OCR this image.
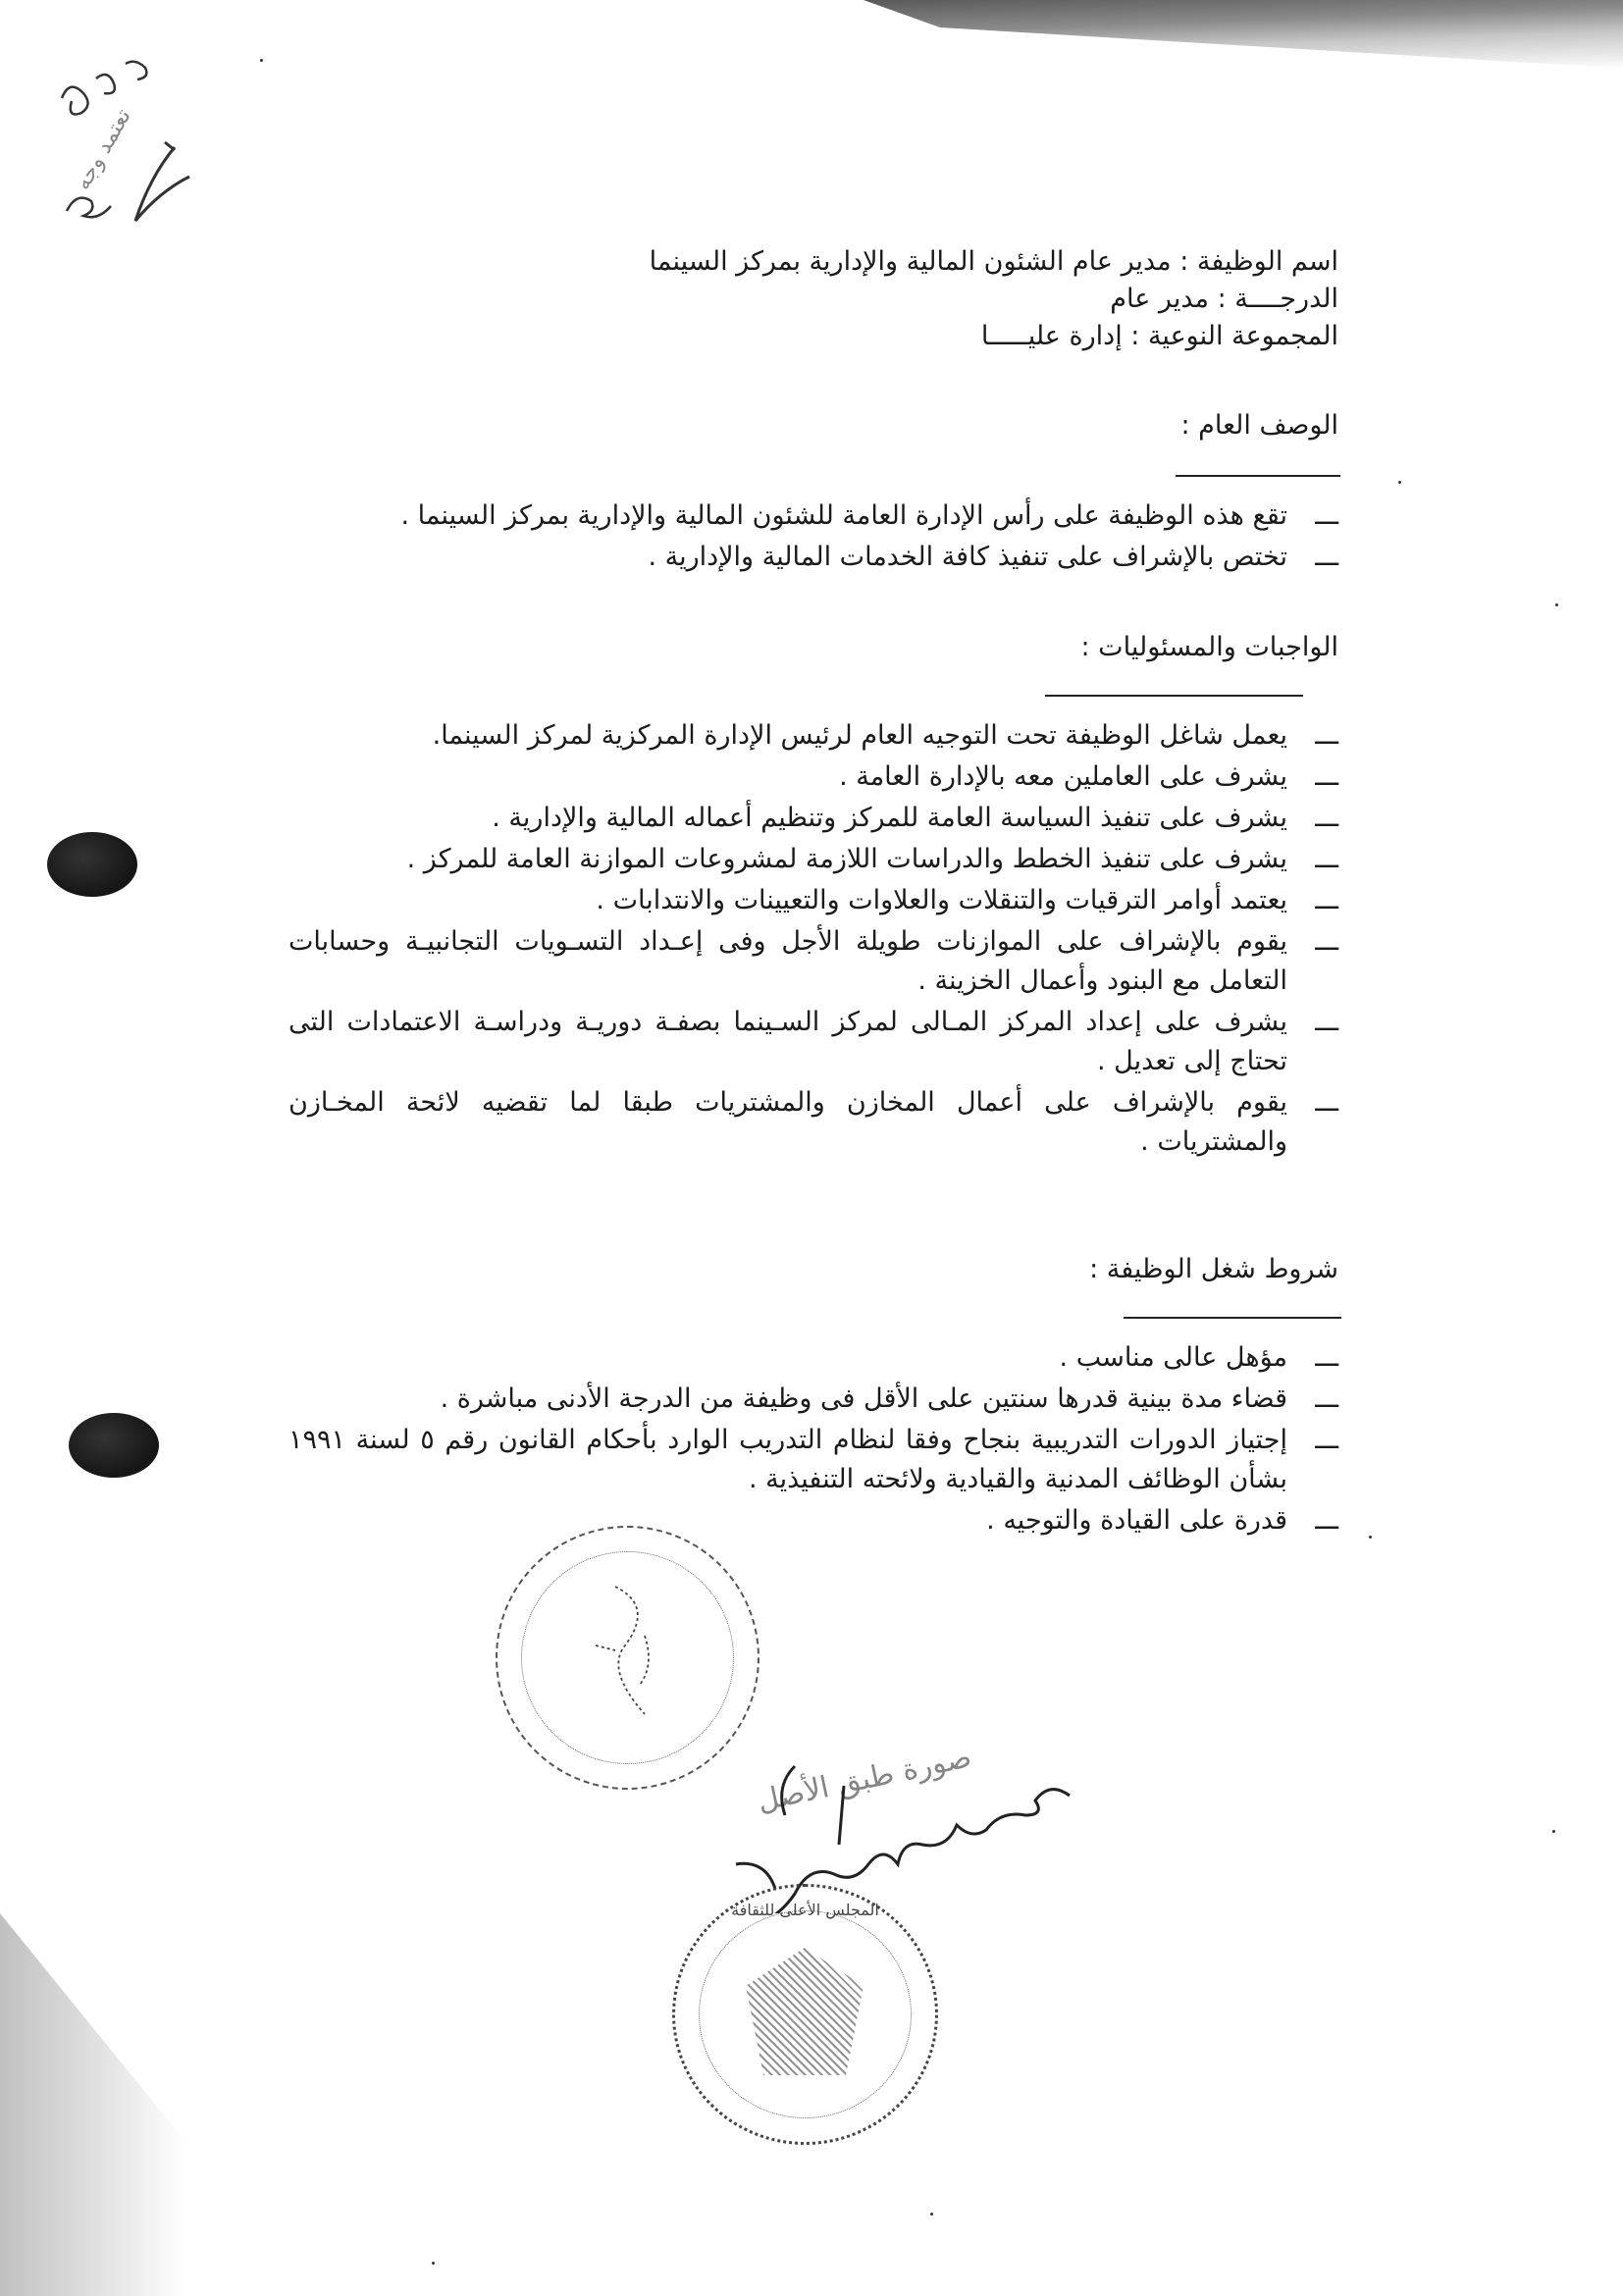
اسم الوظيفة : مدير عام الشئون المالية والإدارية بمركز السينما
الدرجــــة : مدير عام
المجموعة النوعية : إدارة عليـــــا
الوصف العام :
ـــ تقع هذه الوظيفة على رأس الإدارة العامة للشئون المالية والإدارية بمركز السينما .
ـــ تختص بالإشراف على تنفيذ كافة الخدمات المالية والإدارية .
الواجبات والمسئوليات :
ـــ يعمل شاغل الوظيفة تحت التوجيه العام لرئيس الإدارة المركزية لمركز السينما.
ـــ يشرف على العاملين معه بالإدارة العامة .
ـــ يشرف على تنفيذ السياسة العامة للمركز وتنظيم أعماله المالية والإدارية .
ـــ يشرف على تنفيذ الخطط والدراسات اللازمة لمشروعات الموازنة العامة للمركز .
ـــ يعتمد أوامر الترقيات والتنقلات والعلاوات والتعيينات والانتدابات .
ـــ يقوم بالإشراف على الموازنات طويلة الأجل وفى إعـداد التسـويات التجانبيـة وحسابات التعامل مع البنود وأعمال الخزينة .
ـــ يشرف على إعداد المركز المـالى لمركز السـينما بصفـة دوريـة ودراسـة الاعتمادات التى تحتاج إلى تعديل .
ـــ يقوم بالإشراف على أعمال المخازن والمشتريات طبقا لما تقضيه لائحة المخـازن والمشتريات .
شروط شغل الوظيفة :
ـــ مؤهل عالى مناسب .
ـــ قضاء مدة بينية قدرها سنتين على الأقل فى وظيفة من الدرجة الأدنى مباشرة .
ـــ إجتياز الدورات التدريبية بنجاح وفقا لنظام التدريب الوارد بأحكام القانون رقم ٥ لسنة ١٩٩١ بشأن الوظائف المدنية والقيادية ولائحته التنفيذية .
ـــ قدرة على القيادة والتوجيه .
صورة طبق الأصل
المجلس الأعلى للثقافة
تعتمد وجه
